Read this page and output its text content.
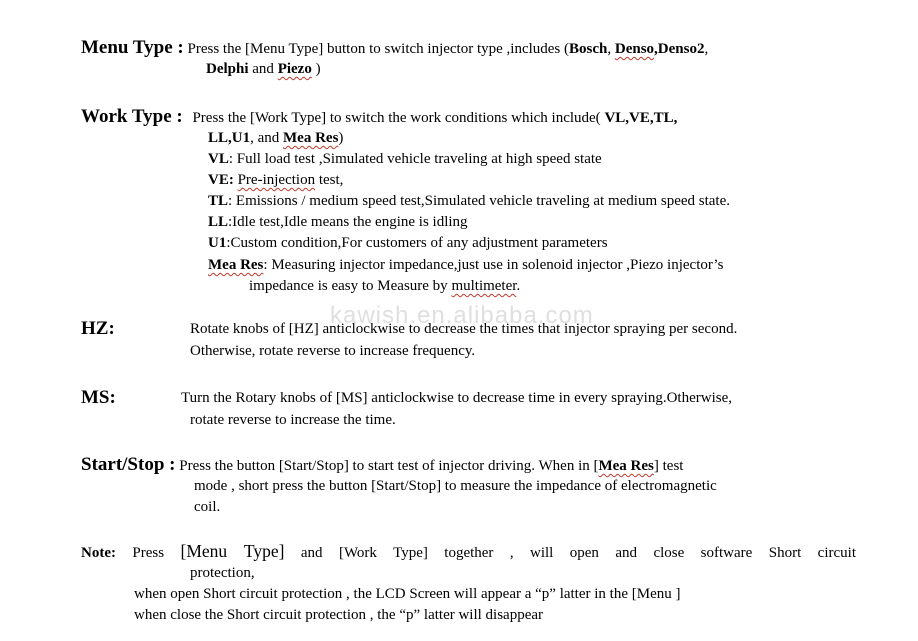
kawish.en.alibaba.com
Menu Type : Press the [Menu Type] button to switch injector type ,includes (Bosch, Denso,Denso2,
Delphi and Piezo )
Work Type : Press the [Work Type] to switch the work conditions which include( VL,VE,TL,
LL,U1, and Mea Res)
VL: Full load test ,Simulated vehicle traveling at high speed state
VE: Pre-injection test,
TL: Emissions / medium speed test,Simulated vehicle traveling at medium speed state.
LL:Idle test,Idle means the engine is idling
U1:Custom condition,For customers of any adjustment parameters
Mea Res: Measuring injector impedance,just use in solenoid injector ,Piezo injector’s
impedance is easy to Measure by multimeter.
HZ:	Rotate knobs of [HZ] anticlockwise to decrease the times that injector spraying per second.
Otherwise, rotate reverse to increase frequency.
MS:	Turn the Rotary knobs of [MS] anticlockwise to decrease time in every spraying.Otherwise,
rotate reverse to increase the time.
Start/Stop : Press the button [Start/Stop] to start test of injector driving. When in [Mea Res] test
mode , short press the button [Start/Stop] to measure the impedance of electromagnetic
coil.
Note: Press [Menu Type] and [Work Type] together , will open and close software Short circuit
protection,
when open Short circuit protection , the LCD Screen will appear a “p” latter in the [Menu ]
when close the Short circuit protection , the “p” latter will disappear
